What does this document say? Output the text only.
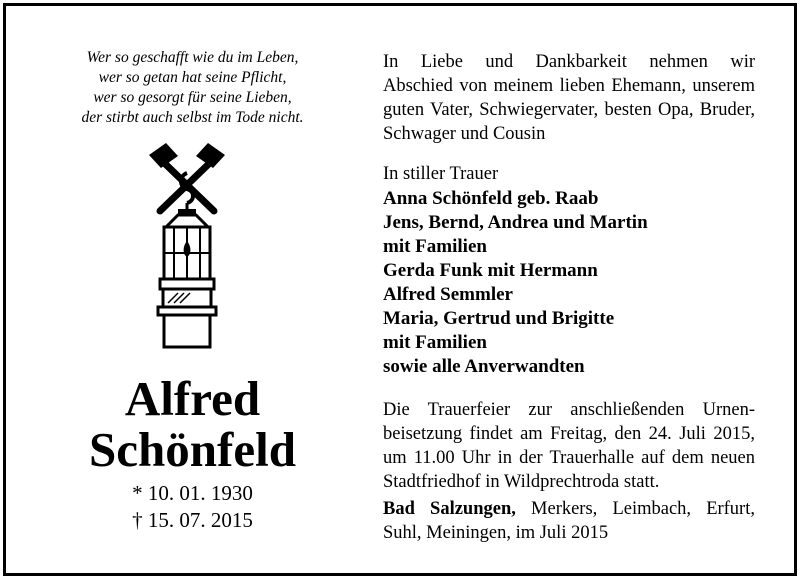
Wer so geschafft wie du im Leben,
wer so getan hat seine Pflicht,
wer so gesorgt für seine Lieben,
der stirbt auch selbst im Tode nicht.
Alfred
Schönfeld
* 10. 01. 1930
† 15. 07. 2015
In Liebe und Dankbarkeit nehmen wir
Abschied von meinem lieben Ehemann, unserem
guten Vater, Schwiegervater, besten Opa, Bruder,
Schwager und Cousin
In stiller Trauer
Anna Schönfeld geb. Raab
Jens, Bernd, Andrea und Martin
mit Familien
Gerda Funk mit Hermann
Alfred Semmler
Maria, Gertrud und Brigitte
mit Familien
sowie alle Anverwandten
Die Trauerfeier zur anschließenden Urnen-
beisetzung findet am Freitag, den 24. Juli 2015,
um 11.00 Uhr in der Trauerhalle auf dem neuen
Stadtfriedhof in Wildprechtroda statt.
Bad Salzungen, Merkers, Leimbach, Erfurt,
Suhl, Meiningen, im Juli 2015
